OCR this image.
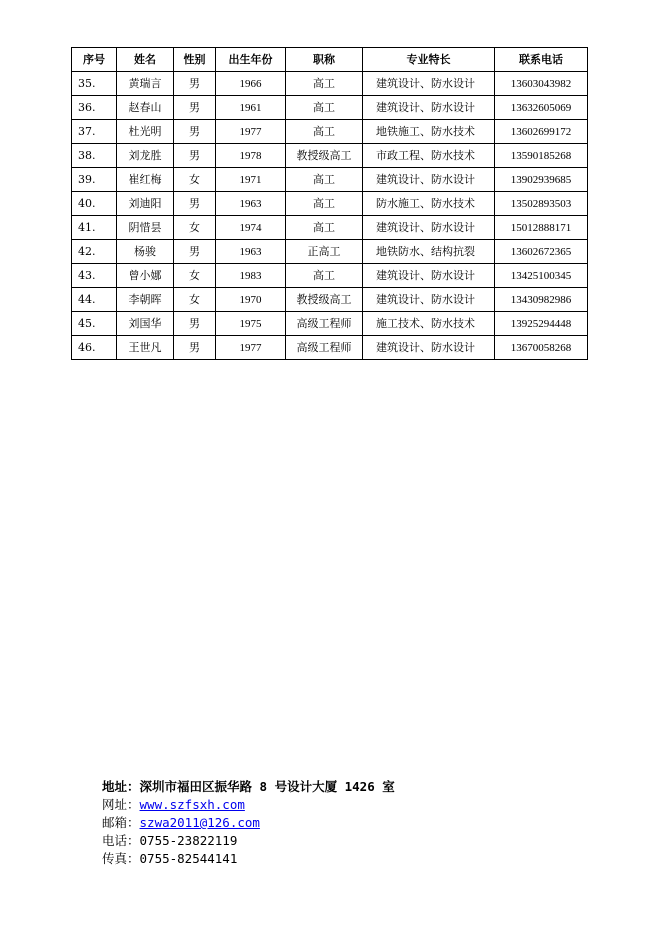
序号	姓名	性别	出生年份	职称	专业特长	联系电话
35.	黄瑞言	男	1966	高工	建筑设计、防水设计	13603043982
36.	赵春山	男	1961	高工	建筑设计、防水设计	13632605069
37.	杜光明	男	1977	高工	地铁施工、防水技术	13602699172
38.	刘龙胜	男	1978	教授级高工	市政工程、防水技术	13590185268
39.	崔红梅	女	1971	高工	建筑设计、防水设计	13902939685
40.	刘迪阳	男	1963	高工	防水施工、防水技术	13502893503
41.	阴惜昙	女	1974	高工	建筑设计、防水设计	15012888171
42.	杨骏	男	1963	正高工	地铁防水、结构抗裂	13602672365
43.	曾小娜	女	1983	高工	建筑设计、防水设计	13425100345
44.	李朝晖	女	1970	教授级高工	建筑设计、防水设计	13430982986
45.	刘国华	男	1975	高级工程师	施工技术、防水技术	13925294448
46.	王世凡	男	1977	高级工程师	建筑设计、防水设计	13670058268
地址：深圳市福田区振华路 8 号设计大厦 1426 室
网址：www.szfsxh.com
邮箱：szwa2011@126.com
电话：0755-23822119
传真：0755-82544141
